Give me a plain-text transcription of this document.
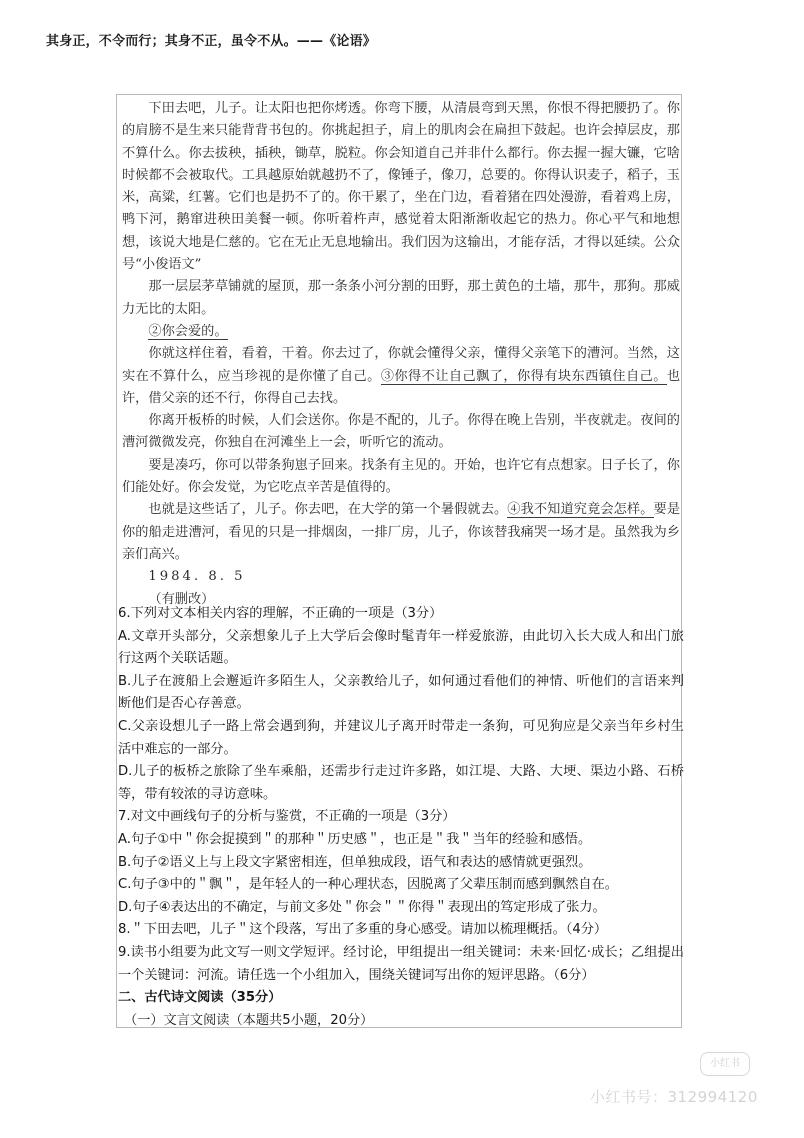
其身正，不令而行；其身不正，虽令不从。——《论语》

下田去吧，儿子。让太阳也把你烤透。你弯下腰，从清晨弯到天黑，你恨不得把腰扔了。你的肩膀不是生来只能背背书包的。你挑起担子，肩上的肌肉会在扁担下鼓起。也许会掉层皮，那不算什么。你去拔秧，插秧，锄草，脱粒。你会知道自己并非什么都行。你去握一握大镰，它啥时候都不会被取代。工具越原始就越扔不了，像锤子，像刀，总要的。你得认识麦子，稻子，玉米，高粱，红薯。它们也是扔不了的。你干累了，坐在门边，看着猪在四处漫游，看着鸡上房，鸭下河，鹅窜进秧田美餐一顿。你听着杵声，感觉着太阳渐渐收起它的热力。你心平气和地想想，该说大地是仁慈的。它在无止无息地输出。我们因为这输出，才能存活，才得以延续。公众号“小俊语文”

那一层层茅草铺就的屋顶，那一条条小河分割的田野，那土黄色的土墙，那牛，那狗。那威力无比的太阳。

②你会爱的。

你就这样住着，看着，干着。你去过了，你就会懂得父亲，懂得父亲笔下的漕河。当然，这实在不算什么，应当珍视的是你懂了自己。③你得不让自己飘了，你得有块东西镇住自己。也许，借父亲的还不行，你得自己去找。

你离开板桥的时候，人们会送你。你是不配的，儿子。你得在晚上告别，半夜就走。夜间的漕河微微发亮，你独自在河滩坐上一会，听听它的流动。

要是凑巧，你可以带条狗崽子回来。找条有主见的。开始，也许它有点想家。日子长了，你们能处好。你会发觉，为它吃点辛苦是值得的。

也就是这些话了，儿子。你去吧，在大学的第一个暑假就去。④我不知道究竟会怎样。要是你的船走进漕河，看见的只是一排烟囱，一排厂房，儿子，你该替我痛哭一场才是。虽然我为乡亲们高兴。

1984. 8. 5

（有删改）

6.下列对文本相关内容的理解，不正确的一项是（3分）

A.文章开头部分，父亲想象儿子上大学后会像时髦青年一样爱旅游，由此切入长大成人和出门旅行这两个关联话题。

B.儿子在渡船上会邂逅许多陌生人，父亲教给儿子，如何通过看他们的神情、听他们的言语来判断他们是否心存善意。

C.父亲设想儿子一路上常会遇到狗，并建议儿子离开时带走一条狗，可见狗应是父亲当年乡村生活中难忘的一部分。

D.儿子的板桥之旅除了坐车乘船，还需步行走过许多路，如江堤、大路、大埂、渠边小路、石桥等，带有较浓的寻访意味。

7.对文中画线句子的分析与鉴赏，不正确的一项是（3分）

A.句子①中＂你会捉摸到＂的那种＂历史感＂，也正是＂我＂当年的经验和感悟。

B.句子②语义上与上段文字紧密相连，但单独成段，语气和表达的感情就更强烈。

C.句子③中的＂飘＂，是年轻人的一种心理状态，因脱离了父辈压制而感到飘然自在。

D.句子④表达出的不确定，与前文多处＂你会＂＂你得＂表现出的笃定形成了张力。

8.＂下田去吧，儿子＂这个段落，写出了多重的身心感受。请加以梳理概括。（4分）

9.读书小组要为此文写一则文学短评。经讨论，甲组提出一组关键词：未来·回忆·成长；乙组提出一个关键词：河流。请任选一个小组加入，围绕关键词写出你的短评思路。（6分）

二、古代诗文阅读（35分）

（一）文言文阅读（本题共5小题，20分）

小红书
小红书号：312994120
